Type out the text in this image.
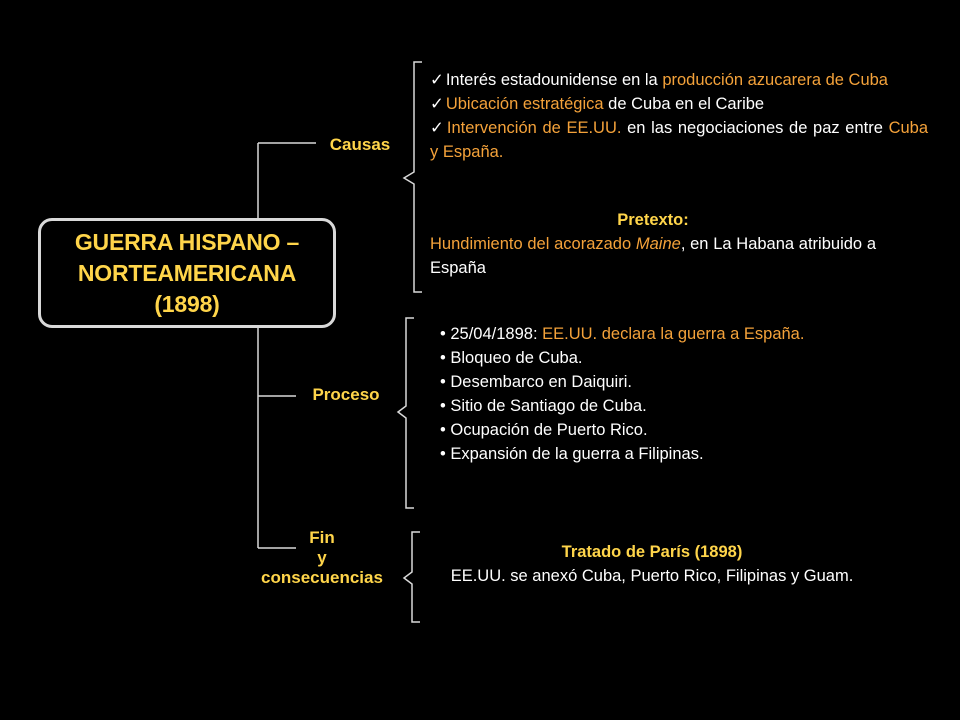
GUERRA HISPANO –
NORTEAMERICANA
(1898)
Causas
Proceso
Fin
y
consecuencias

✓ Interés estadounidense en la producción azucarera de Cuba

✓ Ubicación estratégica de Cuba en el Caribe

✓ Intervención de EE.UU. en las negociaciones de paz entre Cuba y España.

Pretexto:
Hundimiento del acorazado Maine, en La Habana atribuido a España

• 25/04/1898: EE.UU. declara la guerra a España.

• Bloqueo de Cuba.

• Desembarco en Daiquiri.

• Sitio de Santiago de Cuba.

• Ocupación de Puerto Rico.

• Expansión de la guerra a Filipinas.

Tratado de París (1898)
EE.UU. se anexó Cuba, Puerto Rico, Filipinas y Guam.
